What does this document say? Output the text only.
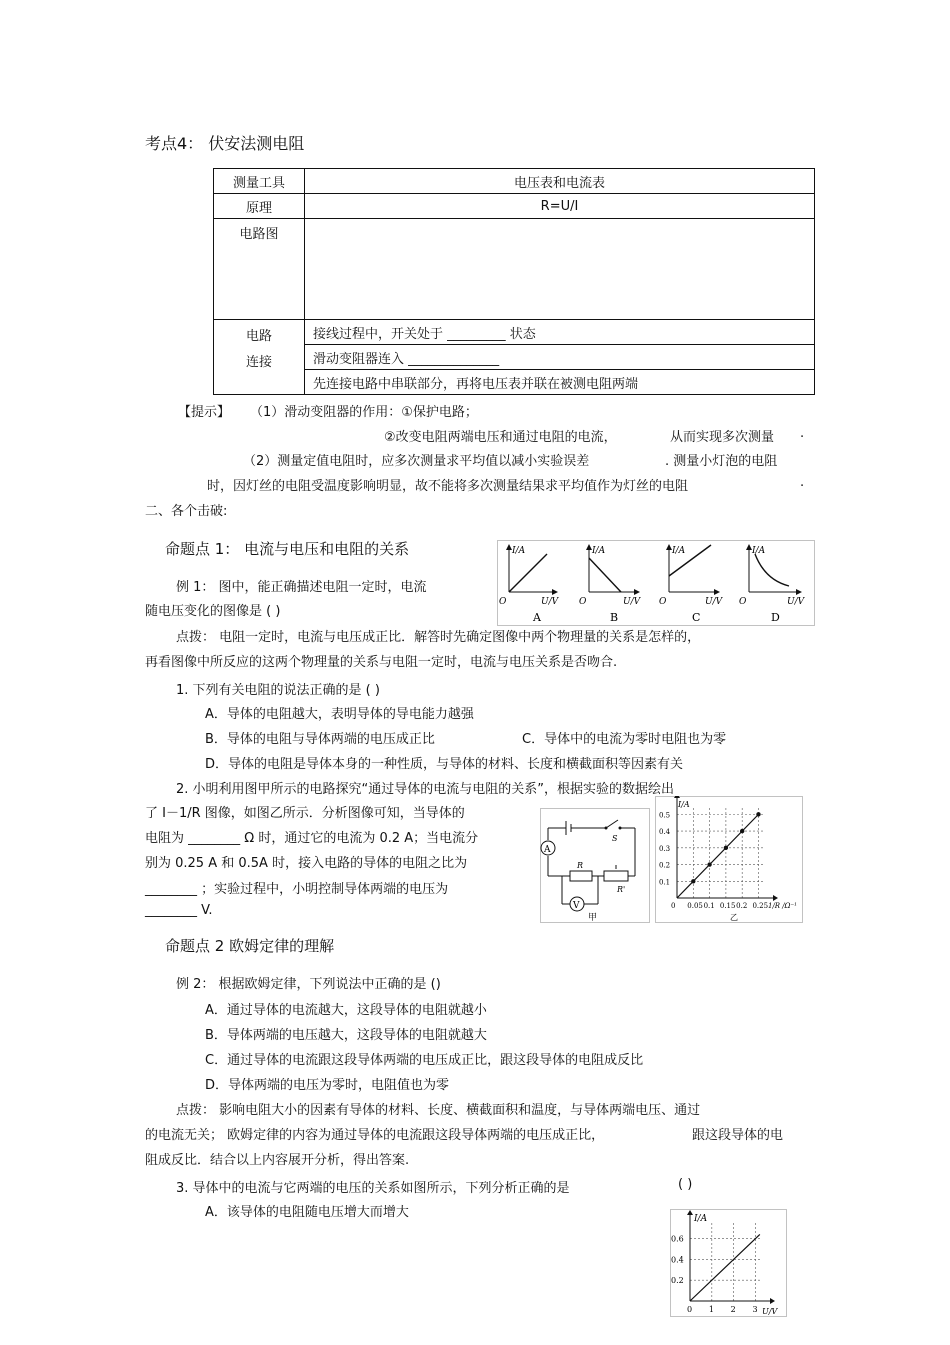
考点4： 伏安法测电阻
测量工具	电压表和电流表
原理	R=U/I
电路图	

电路
连接	接线过程中，开关处于 _________ 状态
	滑动变阻器连入 ______________
	先连接电路中串联部分，再将电压表并联在被测电阻两端
【提示】 （1）滑动变阻器的作用：①保护电路；
②改变电阻两端电压和通过电阻的电流，	从而实现多次测量 .
（2）测量定值电阻时，应多次测量求平均值以减小实验误差	. 测量小灯泡的电阻
时，因灯丝的电阻受温度影响明显，故不能将多次测量结果求平均值作为灯丝的电阻	.
二、各个击破:
命题点 1： 电流与电压和电阻的关系
例 1： 图中，能正确描述电阻一定时，电流
随电压变化的图像是 ( )
I/A
U/V
O
A
I/A
U/V
O
B
I/A
U/V
O
C
I/A
U/V
O
D
点拨： 电阻一定时，电流与电压成正比．解答时先确定图像中两个物理量的关系是怎样的，
再看图像中所反应的这两个物理量的关系与电阻一定时，电流与电压关系是否吻合.
1. 下列有关电阻的说法正确的是 ( )
A．导体的电阻越大，表明导体的导电能力越强
B．导体的电阻与导体两端的电压成正比	C．导体中的电流为零时电阻也为零
D．导体的电阻是导体本身的一种性质，与导体的材料、长度和横截面积等因素有关
2. 小明利用图甲所示的电路探究“通过导体的电流与电阻的关系”，根据实验的数据绘出
了 I－1/R 图像，如图乙所示．分析图像可知，当导体的
电阻为 ________ Ω 时，通过它的电流为 0.2 A；当电流分
别为 0.25 A 和 0.5A 时，接入电路的导体的电阻之比为
________ ；实验过程中，小明控制导体两端的电压为
________ V.
A
V
S
R
R'
甲
0 0.05 0.1 0.15 0.2 0.25
0.1
0.2
0.3
0.4
0.5
I/A
1/R /Ω⁻¹
乙
命题点 2 欧姆定律的理解
例 2： 根据欧姆定律，下列说法中正确的是 ()
A．通过导体的电流越大，这段导体的电阻就越小
B．导体两端的电压越大，这段导体的电阻就越大
C．通过导体的电流跟这段导体两端的电压成正比，跟这段导体的电阻成反比
D．导体两端的电压为零时，电阻值也为零
点拨： 影响电阻大小的因素有导体的材料、长度、横截面积和温度，与导体两端电压、通过
的电流无关； 欧姆定律的内容为通过导体的电流跟这段导体两端的电压成正比，	跟这段导体的电
阻成反比．结合以上内容展开分析，得出答案.
3. 导体中的电流与它两端的电压的关系如图所示，下列分析正确的是	( )
A．该导体的电阻随电压增大而增大
0 1 2 3
0.2
0.4
0.6
I/A
U/V
